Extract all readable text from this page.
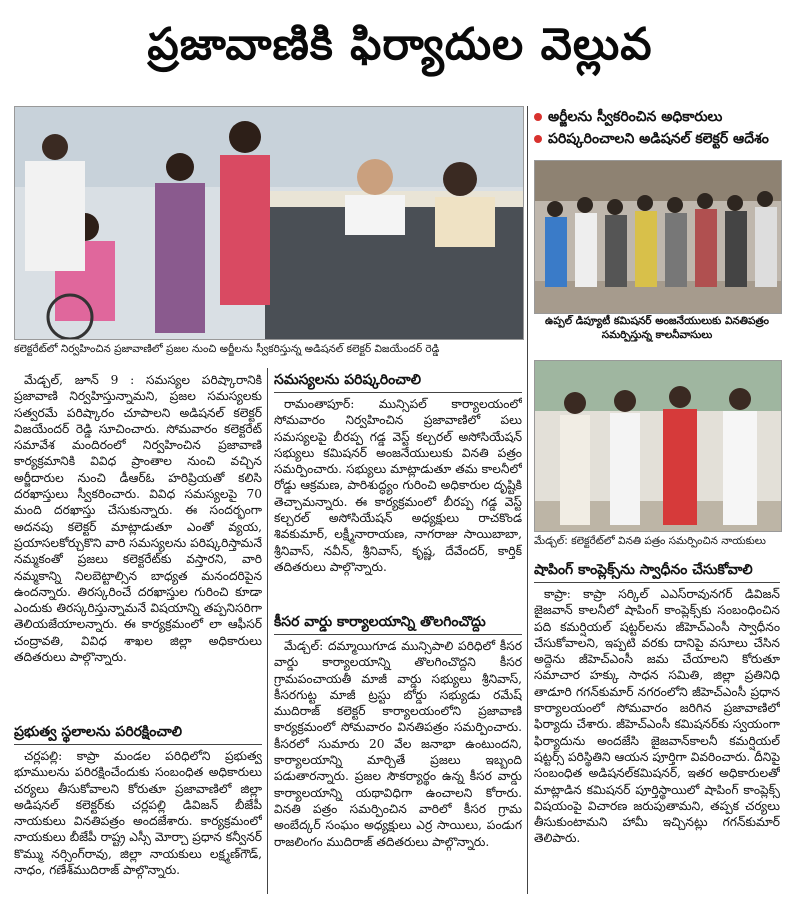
ప్రజావాణికి ఫిర్యాదుల వెల్లువ
కలెక్టరేట్‌లో నిర్వహించిన ప్రజావాణిలో ప్రజల నుంచి అర్జీలను స్వీకరిస్తున్న అడిషనల్ కలెక్టర్ విజయేందర్ రెడ్డి
అర్జీలను స్వీకరించిన అధికారులు
పరిష్కరించాలని అడిషనల్ కలెక్టర్ ఆదేశం
ఉప్పల్ డిప్యూటీ కమిషనర్ అంజనేయులుకు వినతిపత్రం సమర్పిస్తున్న కాలనీవాసులు
మేడ్చల్: కలెక్టరేట్‌లో వినతి పత్రం సమర్పించిన నాయకులు

మేడ్చల్, జూన్ 9 : సమస్యల పరిష్కారానికి ప్రజావాణి నిర్వహిస్తున్నామని, ప్రజల సమస్యలకు సత్వరమే పరిష్కారం చూపాలని అడిషనల్ కలెక్టర్ విజయేందర్ రెడ్డి సూచించారు. సోమవారం కలెక్టరేట్ సమావేశ మందిరంలో నిర్వహించిన ప్రజావాణి కార్యక్రమానికి వివిధ ప్రాంతాల నుంచి వచ్చిన అర్జీదారుల నుంచి డీఆర్‌ఓ హరిప్రియతో కలిసి దరఖాస్తులు స్వీకరించారు. వివిధ సమస్యలపై 70 మంది దరఖాస్తు చేసుకున్నారు. ఈ సందర్భంగా అదనపు కలెక్టర్ మాట్లాడుతూ ఎంతో వ్యయ, ప్రయాసలకోర్చుకొని వారి సమస్యలను పరిష్కరిస్తామనే నమ్మకంతో ప్రజలు కలెక్టరేట్‌కు వస్తారని, వారి నమ్మకాన్ని నిలబెట్టాల్సిన బాధ్యత మనందరిపైన ఉందన్నారు. తిరస్కరించే దరఖాస్తుల గురించి కూడా ఎందుకు తిరస్కరిస్తున్నామనే విషయాన్ని తప్పనిసరిగా తెలియజేయాలన్నారు. ఈ కార్యక్రమంలో లా ఆఫీసర్ చంద్రావతి, వివిధ శాఖల జిల్లా అధికారులు తదితరులు పాల్గొన్నారు.

ప్రభుత్వ స్థలాలను పరిరక్షించాలి

చర్లపల్లి: కాప్రా మండల పరిధిలోని ప్రభుత్వ భూములను పరిరక్షించేందుకు సంబంధిత అధికారులు చర్యలు తీసుకోవాలని కోరుతూ ప్రజావాణిలో జిల్లా అడిషనల్ కలెక్టర్‌కు చర్లపల్లి డివిజన్ బీజేపీ నాయకులు వినతిపత్రం అందజేశారు. కార్యక్రమంలో నాయకులు బీజేపీ రాష్ట్ర ఎస్సీ మోర్చా ప్రధాన కన్వీనర్ కొమ్ము నర్సింగ్‌రావు, జిల్లా నాయకులు లక్ష్మణ్‌గౌడ్, నాధం, గణేశ్‌ముదిరాజ్ పాల్గొన్నారు.

సమస్యలను పరిష్కరించాలి

రామంతాపూర్: మున్సిపల్ కార్యాలయంలో సోమవారం నిర్వహించిన ప్రజావాణిలో పలు సమస్యలపై బీరప్ప గడ్డ వెస్ట్ కల్చరల్ అసోసియేషన్ సభ్యులు కమిషనర్ అంజనేయులుకు వినతి పత్రం సమర్పించారు. సభ్యులు మాట్లాడుతూ తమ కాలనీలో రోడ్డు ఆక్రమణ, పారిశుద్ధ్యం గురించి అధికారుల దృష్టికి తెచ్చామన్నారు. ఈ కార్యక్రమంలో బీరప్ప గడ్డ వెస్ట్ కల్చరల్ అసోసియేషన్ అధ్యక్షులు రాచకొండ శివకుమార్, లక్ష్మీనారాయణ, నాగరాజు సాయిబాబా, శ్రీనివాస్, నవీన్, శ్రీనివాస్, కృష్ణ, దేవేందర్, కార్తిక్ తదితరులు పాల్గొన్నారు.

కీసర వార్డు కార్యాలయాన్ని తొలగించొద్దు

మేడ్చల్: దమ్మాయిగూడ మున్సిపాలి పరిధిలో కీసర వార్డు కార్యాలయాన్ని తొలగించొద్దని కీసర గ్రామపంచాయతీ మాజీ వార్డు సభ్యులు శ్రీనివాస్, కీసరగుట్ట మాజీ ట్రస్టు బోర్డు సభ్యుడు రమేష్ ముదిరాజ్ కలెక్టర్ కార్యాలయంలోని ప్రజావాణి కార్యక్రమంలో సోమవారం వినతిపత్రం సమర్పించారు. కీసరలో సుమారు 20 వేల జనాభా ఉంటుందని, కార్యాలయాన్ని మార్చితే ప్రజలు ఇబ్బంది పడుతారన్నారు. ప్రజల సౌకర్యార్థం ఉన్న కీసర వార్డు కార్యాలయాన్ని యథావిధిగా ఉంచాలని కోరారు. వినతి పత్రం సమర్పించిన వారిలో కీసర గ్రామ అంబేద్కర్ సంఘం అధ్యక్షులు ఎర్ర సాయిలు, పండుగ రాజలింగం ముదిరాజ్ తదితరులు పాల్గొన్నారు.

షాపింగ్ కాంప్లెక్స్‌ను స్వాధీనం చేసుకోవాలి

కాప్రా: కాప్రా సర్కిల్ ఎఎస్‌రావునగర్ డివిజన్ జైజవాన్ కాలనీలో షాపింగ్ కాంప్లెక్స్‌కు సంబంధించిన పది కమర్షియల్ షట్టర్‌లను జీహెచ్ఎంసీ స్వాధీనం చేసుకోవాలని, ఇప్పటి వరకు దానిపై వసూలు చేసిన అద్దెను జీహెచ్ఎంసీ జమ చేయాలని కోరుతూ సమాచార హక్కు సాధన సమితి, జిల్లా ప్రతినిధి తాడూరి గగన్‌కుమార్ నగరంలోని జీహెచ్ఎంసీ ప్రధాన కార్యాలయంలో సోమవారం జరిగిన ప్రజావాణిలో ఫిర్యాదు చేశారు. జీహెచ్ఎంసీ కమిషనర్‌కు స్వయంగా ఫిర్యాదును అందజేసి జైజవాన్‌కాలనీ కమర్షియల్ షట్టర్స్ పరిస్థితిని ఆయన పూర్తిగా వివరించారు. దీనిపై సంబంధిత అడిషనల్‌కమిషనర్, ఇతర అధికారులతో మాట్లాడిన కమిషనర్ పూర్తిస్థాయిలో షాపింగ్ కాంప్లెక్స్ విషయంపై విచారణ జరుపుతామని, తప్పక చర్యలు తీసుకుంటామని హామీ ఇచ్చినట్లు గగన్‌కుమార్ తెలిపారు.
